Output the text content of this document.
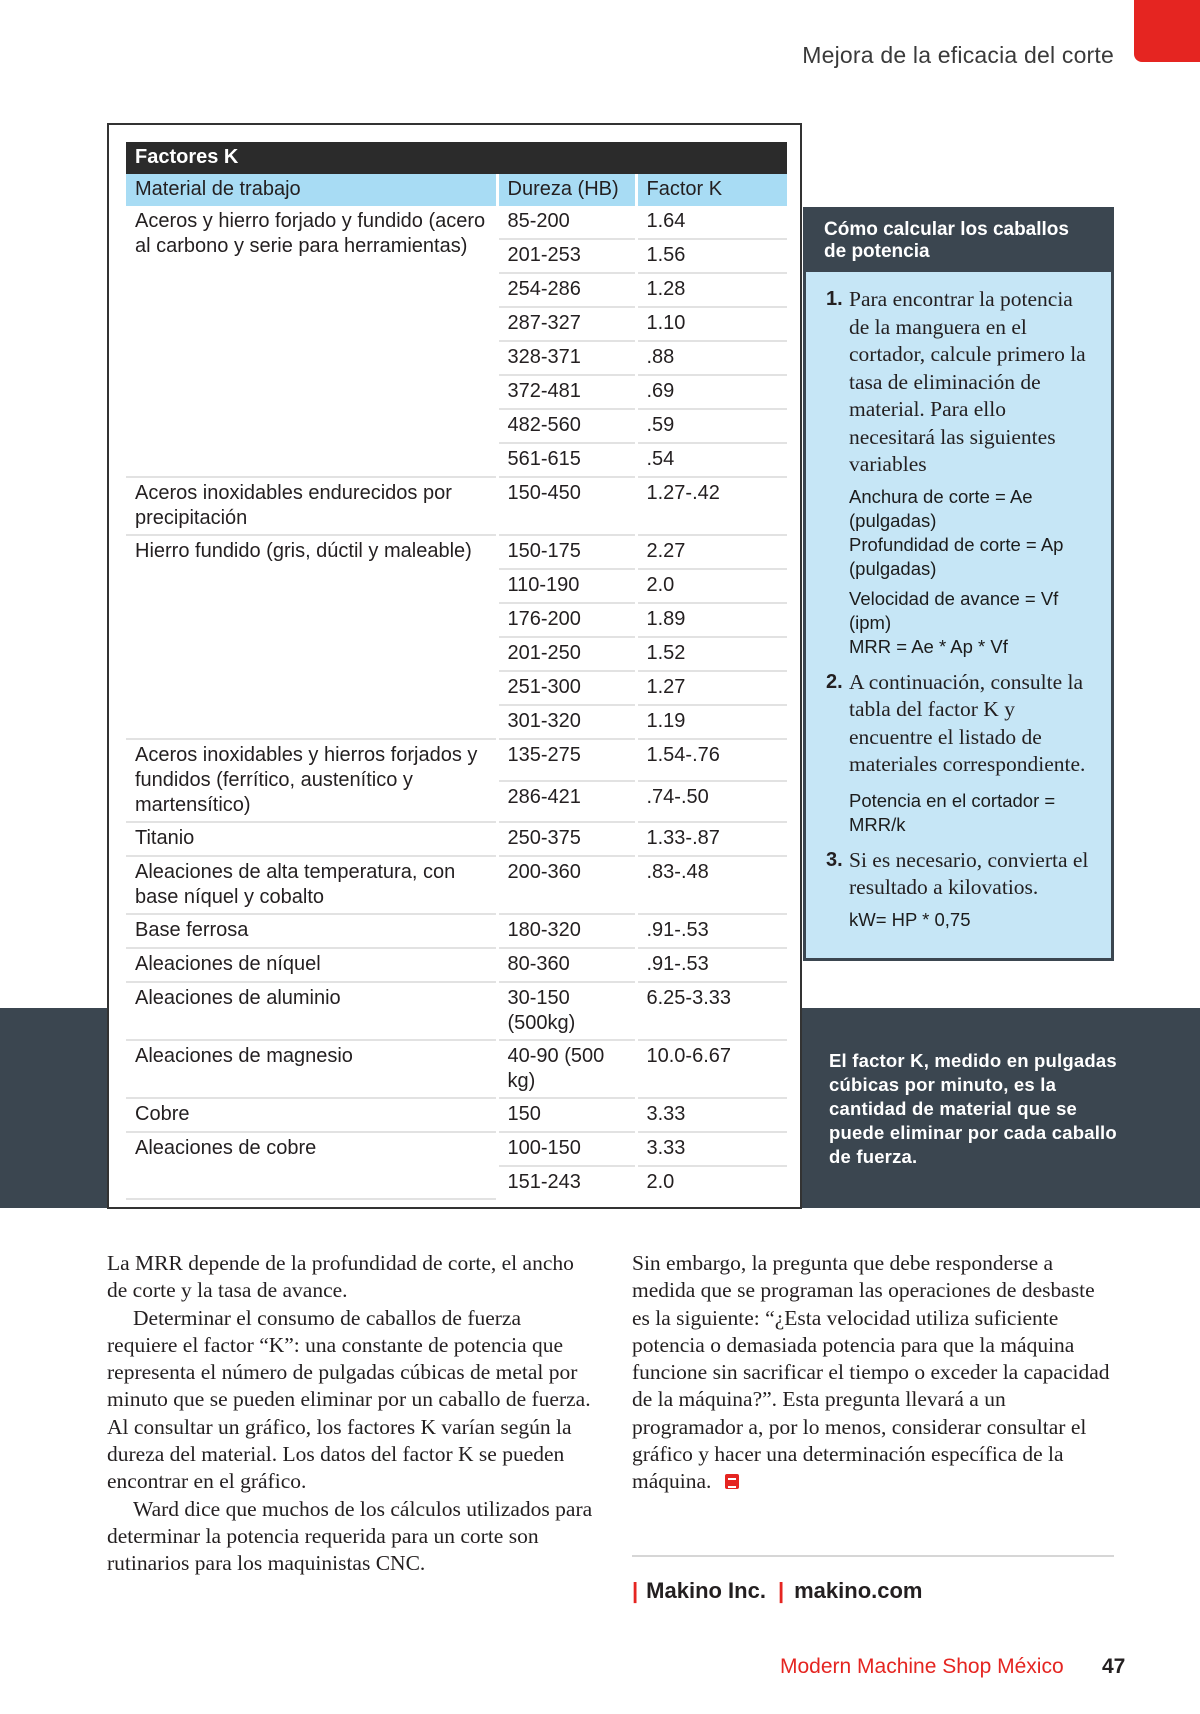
Mejora de la eficacia del corte
Factores K		
Material de trabajo	Dureza (HB)	Factor K
Aceros y hierro forjado y fundido (acero al carbono y serie para herramientas)	85-200	1.64
	201-253	1.56
	254-286	1.28
	287-327	1.10
	328-371	.88
	372-481	.69
	482-560	.59
	561-615	.54
Aceros inoxidables endurecidos por precipitación	150-450	1.27-.42
Hierro fundido (gris, dúctil y maleable)	150-175	2.27
	110-190	2.0
	176-200	1.89
	201-250	1.52
	251-300	1.27
	301-320	1.19
Aceros inoxidables y hierros forjados y fundidos (ferrítico, austenítico y martensítico)	135-275	1.54-.76
	286-421	.74-.50
Titanio	250-375	1.33-.87
Aleaciones de alta temperatura, con base níquel y cobalto	200-360	.83-.48
Base ferrosa	180-320	.91-.53
Aleaciones de níquel	80-360	.91-.53
Aleaciones de aluminio	30-150 (500kg)	6.25-3.33
Aleaciones de magnesio	40-90 (500 kg)	10.0-6.67
Cobre	150	3.33
Aleaciones de cobre	100-150	3.33
	151-243	2.0
Cómo calcular los caballos de potencia
1. Para encontrar la potencia de la manguera en el cortador, calcule primero la tasa de eliminación de material. Para ello necesitará las siguientes variables
Anchura de corte = Ae (pulgadas)
Profundidad de corte = Ap (pulgadas)
Velocidad de avance = Vf (ipm)
MRR = Ae * Ap * Vf
2. A continuación, consulte la tabla del factor K y encuentre el listado de materiales correspondiente.
Potencia en el cortador = MRR/k
3. Si es necesario, convierta el resultado a kilovatios.
kW= HP * 0,75
El factor K, medido en pulgadas cúbicas por minuto, es la cantidad de material que se puede eliminar por cada caballo de fuerza.

La MRR depende de la profundidad de corte, el ancho de corte y la tasa de avance.

Determinar el consumo de caballos de fuerza requiere el factor “K”: una constante de potencia que representa el número de pulgadas cúbicas de metal por minuto que se pueden eliminar por un caballo de fuerza. Al consultar un gráfico, los factores K varían según la dureza del material. Los datos del factor K se pueden encontrar en el gráfico.

Ward dice que muchos de los cálculos utilizados para determinar la potencia requerida para un corte son rutinarios para los maquinistas CNC.

Sin embargo, la pregunta que debe responderse a medida que se programan las operaciones de desbaste es la siguiente: “¿Esta velocidad utiliza suficiente potencia o demasiada potencia para que la máquina funcione sin sacrificar el tiempo o exceder la capacidad de la máquina?”. Esta pregunta llevará a un programador a, por lo menos, considerar consultar el gráfico y hacer una determinación específica de la máquina.

| Makino Inc. | makino.com
Modern Machine Shop México 47
